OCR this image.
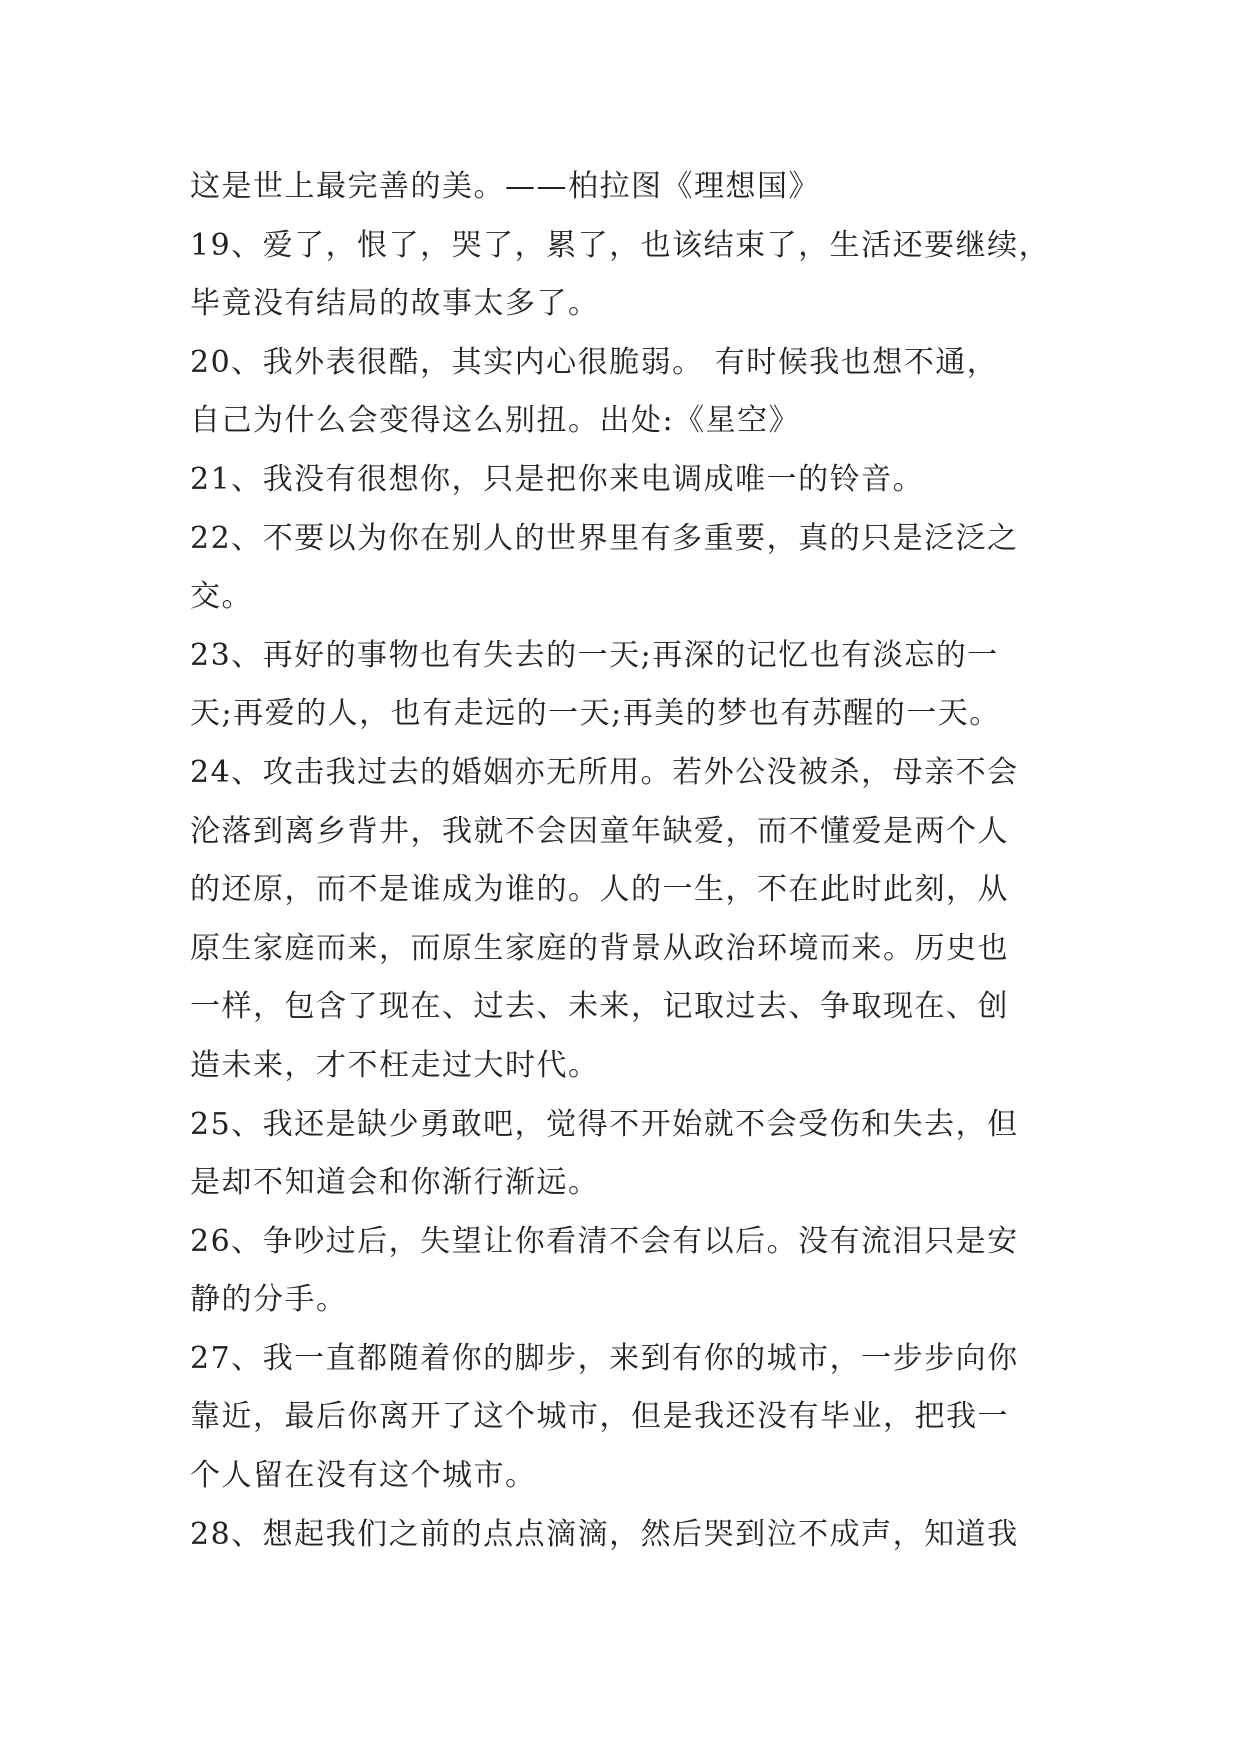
这是世上最完善的美。——柏拉图《理想国》
19、爱了，恨了，哭了，累了，也该结束了，生活还要继续，
毕竟没有结局的故事太多了。
20、我外表很酷，其实内心很脆弱。 有时候我也想不通，
自己为什么会变得这么别扭。出处:《星空》
21、我没有很想你，只是把你来电调成唯一的铃音。
22、不要以为你在别人的世界里有多重要，真的只是泛泛之
交。
23、再好的事物也有失去的一天;再深的记忆也有淡忘的一
天;再爱的人，也有走远的一天;再美的梦也有苏醒的一天。
24、攻击我过去的婚姻亦无所用。若外公没被杀，母亲不会
沦落到离乡背井，我就不会因童年缺爱，而不懂爱是两个人
的还原，而不是谁成为谁的。人的一生，不在此时此刻，从
原生家庭而来，而原生家庭的背景从政治环境而来。历史也
一样，包含了现在、过去、未来，记取过去、争取现在、创
造未来，才不枉走过大时代。
25、我还是缺少勇敢吧，觉得不开始就不会受伤和失去，但
是却不知道会和你渐行渐远。
26、争吵过后，失望让你看清不会有以后。没有流泪只是安
静的分手。
27、我一直都随着你的脚步，来到有你的城市，一步步向你
靠近，最后你离开了这个城市，但是我还没有毕业，把我一
个人留在没有这个城市。
28、想起我们之前的点点滴滴，然后哭到泣不成声，知道我
